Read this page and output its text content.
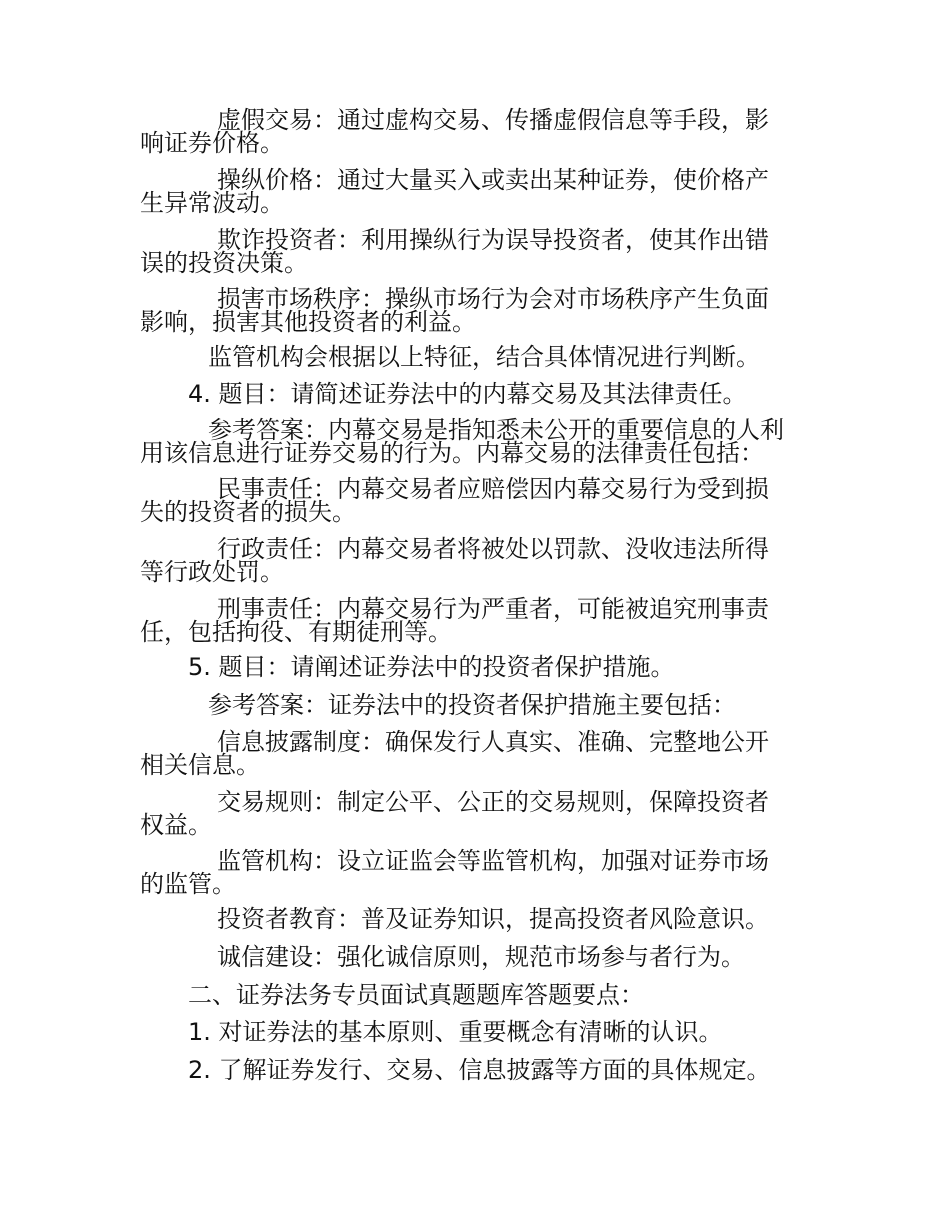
虚假交易：通过虚构交易、传播虚假信息等手段，影
响证券价格。
操纵价格：通过大量买入或卖出某种证券，使价格产
生异常波动。
欺诈投资者：利用操纵行为误导投资者，使其作出错
误的投资决策。
损害市场秩序：操纵市场行为会对市场秩序产生负面
影响，损害其他投资者的利益。
监管机构会根据以上特征，结合具体情况进行判断。
4. 题目：请简述证券法中的内幕交易及其法律责任。
参考答案：内幕交易是指知悉未公开的重要信息的人利
用该信息进行证券交易的行为。内幕交易的法律责任包括：
民事责任：内幕交易者应赔偿因内幕交易行为受到损
失的投资者的损失。
行政责任：内幕交易者将被处以罚款、没收违法所得
等行政处罚。
刑事责任：内幕交易行为严重者，可能被追究刑事责
任，包括拘役、有期徒刑等。
5. 题目：请阐述证券法中的投资者保护措施。
参考答案：证券法中的投资者保护措施主要包括：
信息披露制度：确保发行人真实、准确、完整地公开
相关信息。
交易规则：制定公平、公正的交易规则，保障投资者
权益。
监管机构：设立证监会等监管机构，加强对证券市场
的监管。
投资者教育：普及证券知识，提高投资者风险意识。
诚信建设：强化诚信原则，规范市场参与者行为。
二、证券法务专员面试真题题库答题要点：
1. 对证券法的基本原则、重要概念有清晰的认识。
2. 了解证券发行、交易、信息披露等方面的具体规定。
